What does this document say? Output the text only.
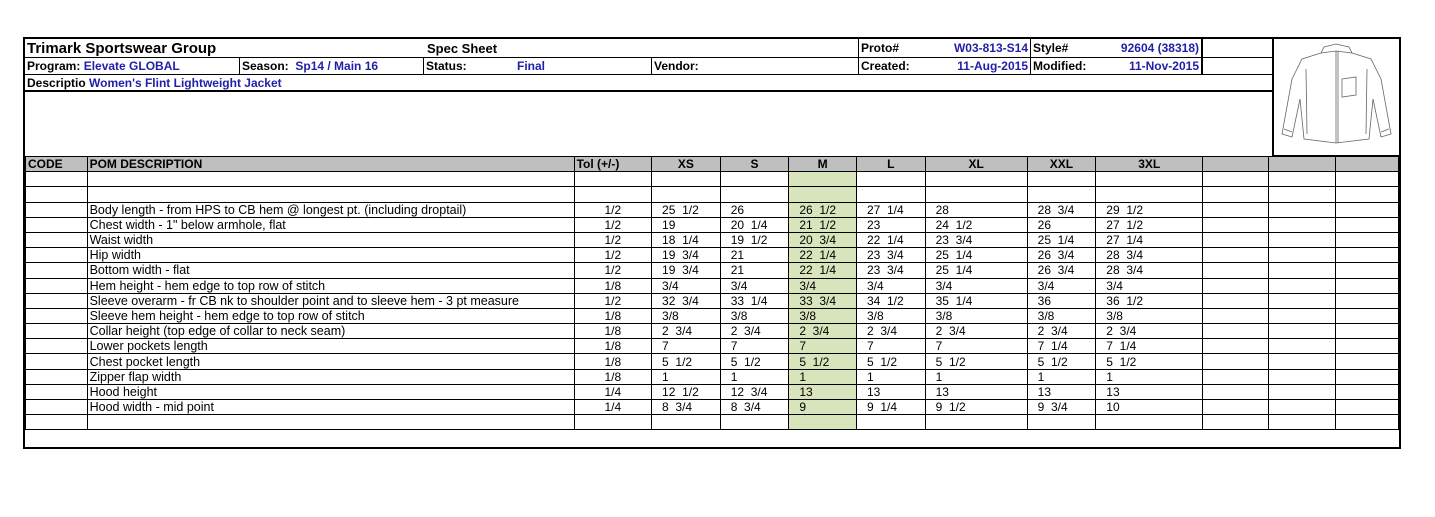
Trimark Sportswear Group	Spec Sheet	Proto#	W03-813-S14 Style#	92604 (38318)
Program: Elevate GLOBAL	Season: Sp14 / Main 16	Status:	Final	Vendor:	Created:	11-Aug-2015 Modified:	11-Nov-2015
Descriptio Women's Flint Lightweight Jacket
CODE	POM DESCRIPTION	Tol (+/-)	XS	S	M	L	XL	XXL	3XL			

	Body length - from HPS to CB hem @ longest pt. (including droptail)	1/2	25  1/2	26	26  1/2	27  1/4	28	28  3/4	29  1/2			
	Chest width - 1" below armhole, flat	1/2	19	20  1/4	21  1/2	23	24  1/2	26	27  1/2			
	Waist width	1/2	18  1/4	19  1/2	20  3/4	22  1/4	23  3/4	25  1/4	27  1/4			
	Hip width	1/2	19  3/4	21	22  1/4	23  3/4	25  1/4	26  3/4	28  3/4			
	Bottom width - flat	1/2	19  3/4	21	22  1/4	23  3/4	25  1/4	26  3/4	28  3/4			
	Hem height - hem edge to top row of stitch	1/8	3/4	3/4	3/4	3/4	3/4	3/4	3/4			
	Sleeve overarm - fr CB nk to shoulder point and to sleeve hem - 3 pt measure	1/2	32  3/4	33  1/4	33  3/4	34  1/2	35  1/4	36	36  1/2			
	Sleeve hem height - hem edge to top row of stitch	1/8	3/8	3/8	3/8	3/8	3/8	3/8	3/8			
	Collar height (top edge of collar to neck seam)	1/8	2  3/4	2  3/4	2  3/4	2  3/4	2  3/4	2  3/4	2  3/4			
	Lower pockets length	1/8	7	7	7	7	7	7  1/4	7  1/4			
	Chest pocket length	1/8	5  1/2	5  1/2	5  1/2	5  1/2	5  1/2	5  1/2	5  1/2			
	Zipper flap width	1/8	1	1	1	1	1	1	1			
	Hood height	1/4	12  1/2	12  3/4	13	13	13	13	13			
	Hood width - mid point	1/4	8  3/4	8  3/4	9	9  1/4	9  1/2	9  3/4	10			
